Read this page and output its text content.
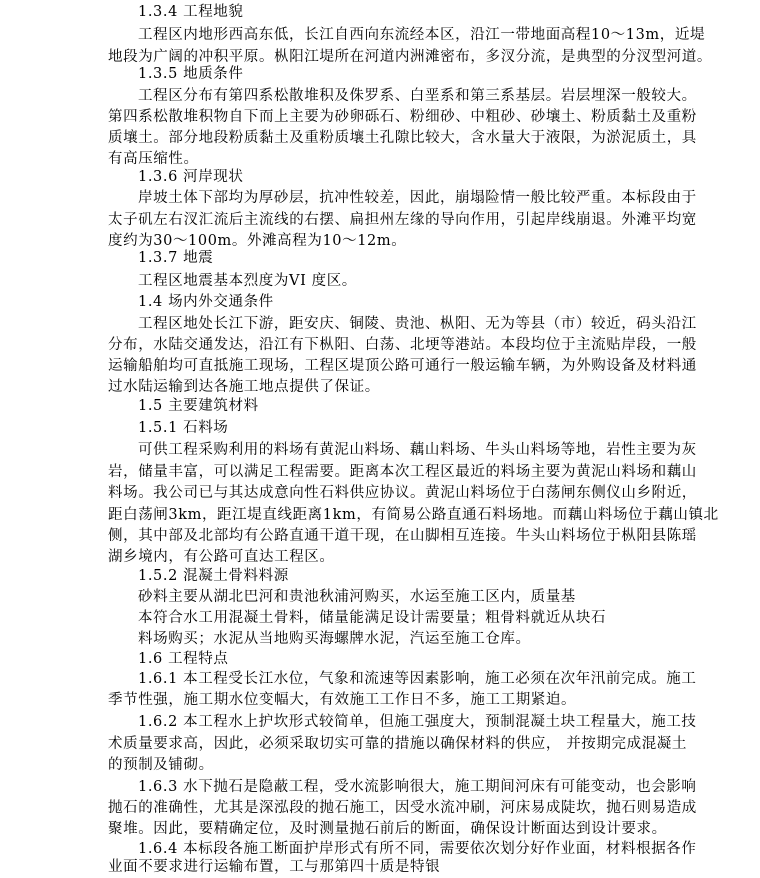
1.3.4 工程地貌
工程区内地形西高东低，长江自西向东流经本区，沿江一带地面高程10～13m，近堤
地段为广阔的冲积平原。枞阳江堤所在河道内洲滩密布，多汊分流，是典型的分汊型河道。
1.3.5 地质条件
工程区分布有第四系松散堆积及侏罗系、白垩系和第三系基层。岩层埋深一般较大。
第四系松散堆积物自下而上主要为砂卵砾石、粉细砂、中粗砂、砂壤土、粉质黏土及重粉
质壤土。部分地段粉质黏土及重粉质壤土孔隙比较大，含水量大于液限，为淤泥质土，具
有高压缩性。
1.3.6 河岸现状
岸坡土体下部均为厚砂层，抗冲性较差，因此，崩塌险情一般比较严重。本标段由于
太子矶左右汊汇流后主流线的右摆、扁担州左缘的导向作用，引起岸线崩退。外滩平均宽
度约为30～100m。外滩高程为10～12m。
1.3.7 地震
工程区地震基本烈度为VI 度区。
1.4 场内外交通条件
工程区地处长江下游，距安庆、铜陵、贵池、枞阳、无为等县（市）较近，码头沿江
分布，水陆交通发达，沿江有下枞阳、白荡、北埂等港站。本段均位于主流贴岸段，一般
运输船舶均可直抵施工现场，工程区堤顶公路可通行一般运输车辆，为外购设备及材料通
过水陆运输到达各施工地点提供了保证。
1.5 主要建筑材料
1.5.1 石料场
可供工程采购利用的料场有黄泥山料场、藕山料场、牛头山料场等地，岩性主要为灰
岩，储量丰富，可以满足工程需要。距离本次工程区最近的料场主要为黄泥山料场和藕山
料场。我公司已与其达成意向性石料供应协议。黄泥山料场位于白荡闸东侧仪山乡附近，
距白荡闸3km，距江堤直线距离1km，有简易公路直通石料场地。而藕山料场位于藕山镇北
侧，其中部及北部均有公路直通干道干现，在山脚相互连接。牛头山料场位于枞阳县陈瑶
湖乡境内，有公路可直达工程区。
1.5.2 混凝土骨料料源
砂料主要从湖北巴河和贵池秋浦河购买，水运至施工区内，质量基
本符合水工用混凝土骨料，储量能满足设计需要量；粗骨料就近从块石
料场购买；水泥从当地购买海螺牌水泥，汽运至施工仓库。
1.6 工程特点
1.6.1 本工程受长江水位，气象和流速等因素影响，施工必须在次年汛前完成。施工
季节性强，施工期水位变幅大，有效施工工作日不多，施工工期紧迫。
1.6.2 本工程水上护坎形式较简单，但施工强度大，预制混凝土块工程量大，施工技
术质量要求高，因此，必须采取切实可靠的措施以确保材料的供应， 并按期完成混凝土
的预制及铺砌。
1.6.3 水下抛石是隐蔽工程，受水流影响很大，施工期间河床有可能变动，也会影响
抛石的准确性，尤其是深泓段的抛石施工，因受水流冲刷，河床易成陡坎，抛石则易造成
聚堆。因此，要精确定位，及时测量抛石前后的断面，确保设计断面达到设计要求。
1.6.4 本标段各施工断面护岸形式有所不同，需要依次划分好作业面，材料根据各作
业面不要求进行运输布置，工与那第四十质是特银
